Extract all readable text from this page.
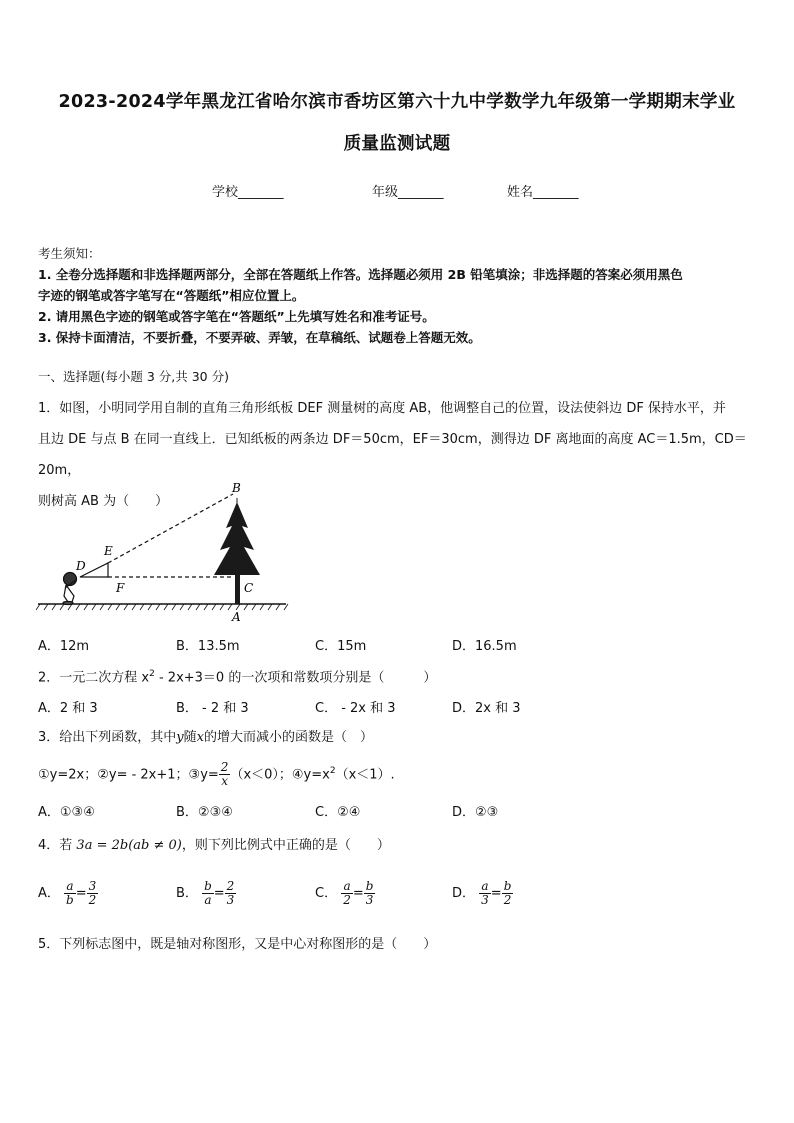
2023-2024学年黑龙江省哈尔滨市香坊区第六十九中学数学九年级第一学期期末学业
质量监测试题
学校_______	年级_______	姓名_______
考生须知：
1. 全卷分选择题和非选择题两部分，全部在答题纸上作答。选择题必须用 2B 铅笔填涂；非选择题的答案必须用黑色
字迹的钢笔或答字笔写在“答题纸”相应位置上。
2. 请用黑色字迹的钢笔或答字笔在“答题纸”上先填写姓名和准考证号。
3. 保持卡面清洁，不要折叠，不要弄破、弄皱，在草稿纸、试题卷上答题无效。
一、选择题(每小题 3 分,共 30 分)
1．如图，小明同学用自制的直角三角形纸板 DEF 测量树的高度 AB，他调整自己的位置，设法使斜边 DF 保持水平，并
且边 DE 与点 B 在同一直线上．已知纸板的两条边 DF＝50cm，EF＝30cm，测得边 DF 离地面的高度 AC＝1.5m，CD＝20m，
则树高 AB 为（　　）
B
E
D
F	C
A
A．12m	B．13.5m	C．15m	D．16.5m
2．一元二次方程 $x^2 - 2x+3=0$ 的一次项和常数项分别是（　　　）
A．2 和 3	B． - 2 和 3	C． - 2x 和 3	D．2x 和 3
3．给出下列函数，其中y随x的增大而减小的函数是（　）
①y=2x；②y= - 2x+1；③y= $\frac{2}{x} (x<0)$；$④y=x^2(x<1)$.
A．①③④	B．②③④	C．②④	D．②③
4．若 3a = 2b(ab ≠ 0)，则下列比例式中正确的是（　　）
A． $\frac{a}{b} = \frac{3}{2}$	B． $\frac{b}{a} = \frac{2}{3}$	C． $\frac{a}{2} = \frac{b}{3}$	D． $\frac{a}{3} = \frac{b}{2}$
5．下列标志图中，既是轴对称图形，又是中心对称图形的是（　　）
